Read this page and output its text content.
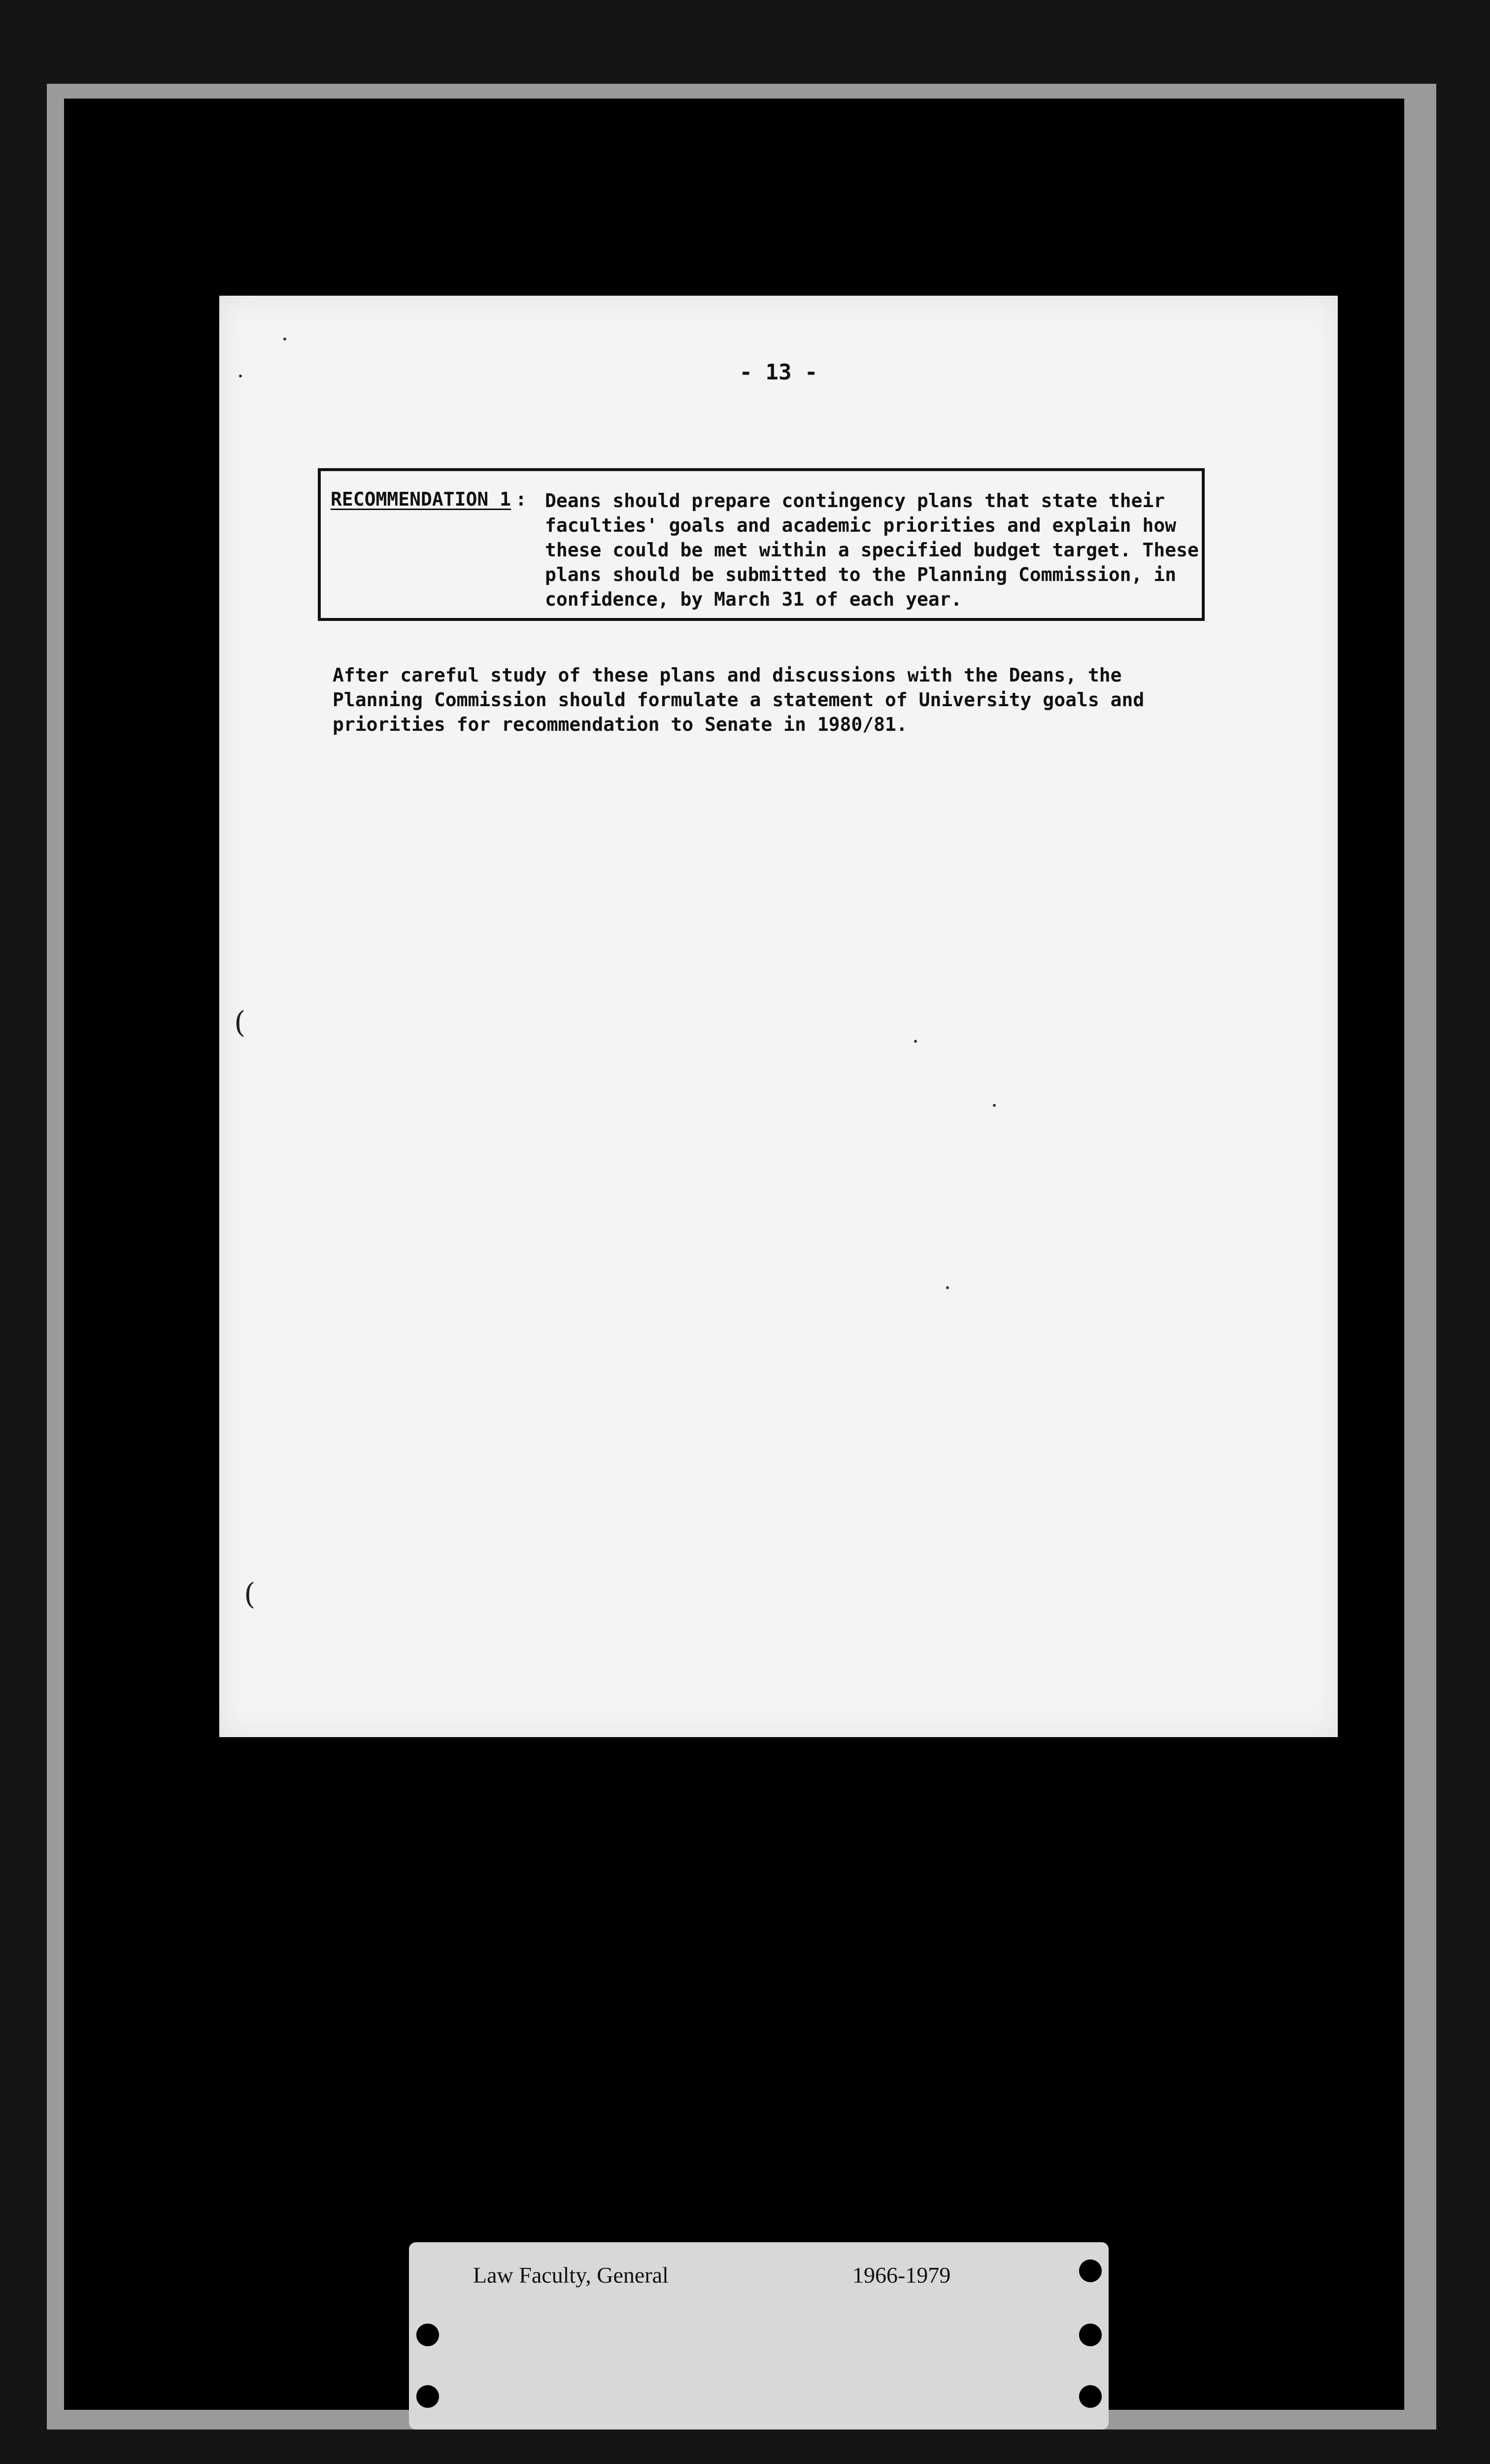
- 13 -
RECOMMENDATION 1 : Deans should prepare contingency plans that state their
faculties' goals and academic priorities and explain how
these could be met within a specified budget target. These
plans should be submitted to the Planning Commission, in
confidence, by March 31 of each year.
After careful study of these plans and discussions with the Deans, the
Planning Commission should formulate a statement of University goals and
priorities for recommendation to Senate in 1980/81.
(
(
Law Faculty, General	1966-1979
